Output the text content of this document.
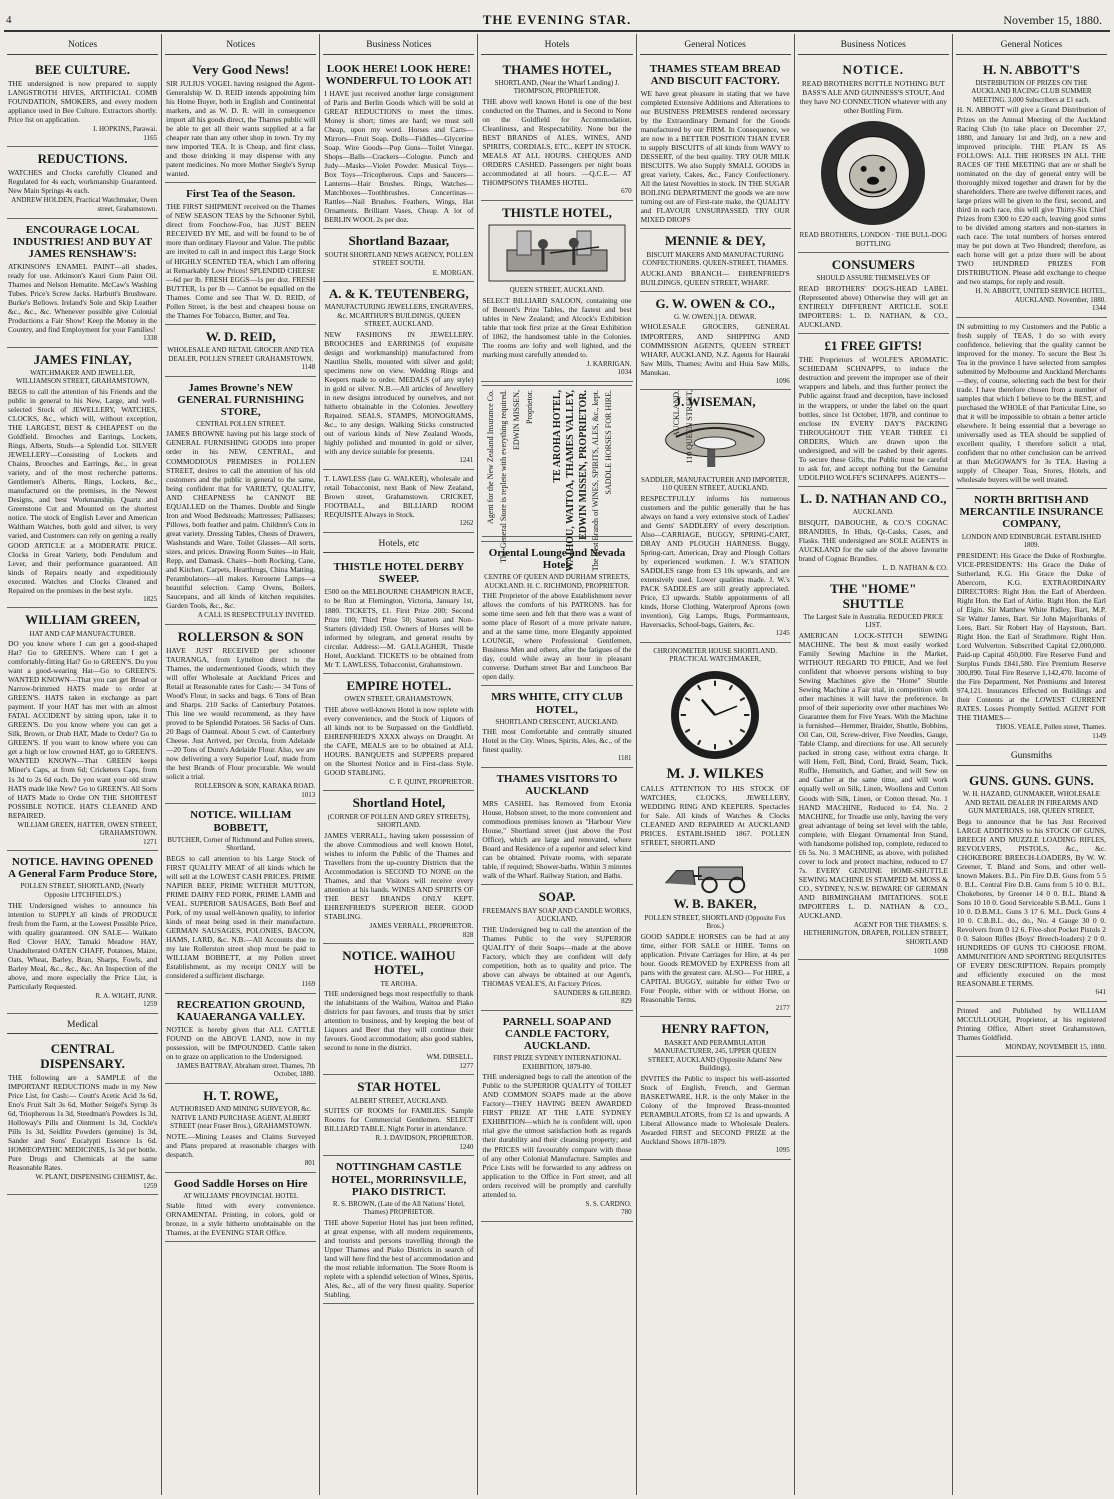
4	THE EVENING STAR.	November 15, 1880.
Notices
BEE CULTURE.
THE undersigned is now prepared to supply LANGSTROTH HIVES, ARTIFICIAL COMB FOUNDATION, SMOKERS, and every modern appliance used in Bee Culture. Extractors shortly. Price list on application.
I. HOPKINS, Parawai.
1165
REDUCTIONS.
WATCHES and Clocks carefully Cleaned and Regulated for 4s each, workmanship Guaranteed. New Main Springs 4s each.
ANDREW HOLDEN, Practical Watchmaker, Owen street, Grahamstown.
ENCOURAGE LOCAL INDUSTRIES! AND BUY AT JAMES RENSHAW'S:
ATKINSON'S ENAMEL PAINT—all shades, ready for use. Atkinson's Kauri Gum Paint Oil. Thames and Nelson Hematite. McCaw's Washing Tubes. Price's Screw Jacks. Harbutt's Brushware. Burke's Bellows. Ireland's Sole and Skip Leather &c., &c., &c. Whenever possible give Colonial Productions a Fair Show! Keep the Money in the Country, and find Employment for your Families!
1338
JAMES FINLAY,
WATCHMAKER AND JEWELLER, WILLIAMSON STREET, GRAHAMSTOWN,
BEGS to call the attention of his Friends and the public in general to his New, Large, and well-selected Stock of JEWELLERY, WATCHES, CLOCKS, &c., which will, without exception, THE LARGEST, BEST & CHEAPEST on the Goldfield. Brooches and Earrings, Lockets, Rings, Alberts, Studs—a Splendid Lot. SILVER JEWELLERY—Consisting of Lockets and Chains, Brooches and Earrings, &c., in great variety, and of the most recherche patterns. Gentlemen's Alberts, Rings, Lockets, &c., manufactured on the premises, in the Newest Designs, and best Workmanship. Quartz and Greenstone Cut and Mounted on the shortest notice. The stock of English Lever and American Waltham Watches, both gold and silver, is very varied, and Customers can rely on getting a really GOOD ARTICLE at a MODERATE PRICE. Clocks in Great Variety, both Pendulum and Lever, and their performance guaranteed. All kinds of Repairs neatly and expeditiously executed. Watches and Clocks Cleaned and Repaired on the premises in the best style.
1825
WILLIAM GREEN,
HAT AND CAP MANUFACTURER.
DO you know where I can get a good-shaped Hat? Go to GREEN'S. Where can I get a comfortably-fitting Hat? Go to GREEN'S. Do you want a good-wearing Hat—Go to GREEN'S. WANTED KNOWN—That you can get Broad or Narrow-brimmed HATS made to order at GREEN'S. HATS taken in exchange as part payment. If your HAT has met with an almost FATAL ACCIDENT by sitting upon, take it to GREEN'S. Do you know where you can get a Silk, Brown, or Drab HAT, Made to Order? Go to GREEN'S. If you want to know where you can get a high or low crowned HAT, go to GREEN'S. WANTED KNOWN—That GREEN keeps Miner's Caps, at from 6d; Cricketers Caps, from 1s 3d to 2s 6d each. Do you want your old straw HATS made like New? Go to GREEN'S. All Sorts of HATS Made to Order ON THE SHORTEST POSSIBLE NOTICE. HATS CLEANED AND REPAIRED.
WILLIAM GREEN, HATTER, OWEN STREET, GRAHAMSTOWN.
1271
NOTICE. HAVING OPENED A General Farm Produce Store,
POLLEN STREET, SHORTLAND, (Nearly Opposite LITCHFIELD'S.)
THE Undersigned wishes to announce his intention to SUPPLY all kinds of PRODUCE fresh from the Farm, at the Lowest Possible Price, with quality guaranteed. ON SALE— Waikato Red Clover HAY, Tamaki Meadow HAY, Unadulterated OATEN CHAFF, Potatoes, Maize, Oats, Wheat, Barley, Bran, Sharps, Fowls, and Barley Meal, &c., &c., &c. An Inspection of the above, and more especially the Price List, is Particularly Requested.
R. A. WIGHT, JUNR.
1259
Medical
CENTRAL DISPENSARY.
THE following are a SAMPLE of the IMPORTANT REDUCTIONS made in my New Price List, for Cash:— Coutt's Acetic Acid 3s 6d, Eno's Fruit Salt 3s 6d, Mother Seigel's Syrup 3s 6d, Triopherous 1s 3d, Steedman's Powders 1s 3d, Holloway's Pills and Ointment 1s 3d, Cockle's Pills 1s 3d, Seidlitz Powders (genuine) 1s 3d, Sander and Sons' Eucalypti Essence 1s 6d. HOMŒOPATHIC MEDICINES, 1s 3d per bottle. Pure Drugs and Chemicals at the same Reasonable Rates.
W. PLANT, DISPENSING CHEMIST, &c.
1259
Notices
Very Good News!
SIR JULIUS VOGEL having resigned the Agent-Generalship W. D. REID intends appointing him his Home Buyer, both in English and Continental markets, and as W. D. R. will in consequence import all his goods direct, the Thames public will be able to get all their wants supplied at a far cheaper rate than any other shop in town. Try my new imported TEA. It is Cheap, and first class, and those drinking it may dispense with any patent medicines. No more Mother Siegle's Syrup wanted.
First Tea of the Season.
THE FIRST SHIPMENT received on the Thames of NEW SEASON TEAS by the Schooner Sybil, direct from Foochow-Foo, has JUST BEEN RECEIVED BY ME, and will be found to be of more than ordinary Flavour and Value. The public are invited to call in and inspect this Large Stock of HIGHLY SCENTED TEA, which I am offering at Remarkably Low Prices! SPLENDID CHEESE—6d per lb. FRESH EGGS—1s per doz. FRESH BUTTER, 1s per lb — Cannot be equalled on the Thames. Come and see That W. D. REID, of Pollen Street, is the best and cheapest house on the Thames For Tobacco, Butter, and Tea.
W. D. REID,
WHOLESALE AND RETAIL GROCER AND TEA DEALER, POLLEN STREET GRAHAMSTOWN.
1148
James Browne's NEW GENERAL FURNISHING STORE,
CENTRAL POLLEN STREET.
JAMES BROWNE having put his large stock of GENERAL FURNISHING GOODS into proper order in his NEW, CENTRAL, and COMMODIOUS PREMISES in POLLEN STREET, desires to call the attention of his old customers and the public in general to the same, being confident that for VARIETY, QUALITY, AND CHEAPNESS he CANNOT BE EQUALLED on the Thames. Double and Single Iron and Wood Bedsteads; Mattresses; Palliasses; Pillows, both feather and palm. Children's Cots in great variety. Dressing Tables, Chests of Drawers, Washstands and Ware. Toilet Glasses—All sorts, sizes, and prices. Drawing Room Suites—in Hair, Repp, and Damask. Chairs—both Rocking, Cane, and Kitchen. Carpets, Hearthrugs, China Matting. Perambulators—all makes. Kerosene Lamps—a beautiful selection. Camp Ovens, Boilers, Saucepans, and all kinds of kitchen requisites. Garden Tools, &c., &c.
A CALL IS RESPECTFULLY INVITED.
ROLLERSON & SON
HAVE JUST RECEIVED per schooner TAURANGA, from Lyttelton direct to the Thames, the undermentioned Goods, which they will offer Wholesale at Auckland Prices and Retail at Reasonable rates for Cash:— 34 Tons of Wood's Flour, in sacks and bags. 6 Tons of Bran and Sharps. 210 Sacks of Canterbury Potatoes. This line we would recommend, as they have proved to be Splendid Potatoes. 56 Sacks of Oats. 20 Bags of Oatmeal. About 5 cwt. of Canterbury Cheese. Just Arrived, per Orcola, from Adelaide—20 Tons of Dunn's Adelaide Flour. Also, we are now delivering a very Superior Loaf, made from the best Brands of Flour procurable. We would solicit a trial.
ROLLERSON & SON, KARAKA ROAD.
1013
NOTICE. WILLIAM BOBBETT,
BUTCHER, Corner of Richmond and Pollen streets, Shortland,
BEGS to call attention to his Large Stock of FIRST QUALITY MEAT of all kinds which he will sell at the LOWEST CASH PRICES. PRIME NAPIER BEEF, PRIME WETHER MUTTON, PRIME DAIRY FED PORK, PRIME LAMB and VEAL. SUPERIOR SAUSAGES, Both Beef and Pork, of my usual well-known quality, to inferior kinds of meat being used in their manufacture. GERMAN SAUSAGES, POLONIES, BACON, HAMS, LARD, &c. N.B.—All Accounts due to my late Rollerston street shop must be paid to WILLIAM BOBBETT, at my Pollen street Establishment, as my receipt ONLY will be considered a sufficient discharge.
1169
RECREATION GROUND, KAUAERANGA VALLEY.
NOTICE is hereby given that ALL CATTLE FOUND on the ABOVE LAND, now in my possession, will be IMPOUNDED. Cattle taken on to graze on application to the Undersigned.
JAMES BATTRAY, Abraham street. Thames, 7th October, 1880.
H. T. ROWE,
AUTHORISED AND MINING SURVEYOR, &c. NATIVE LAND PURCHASE AGENT, ALBERT STREET (near Fraser Bros.), GRAHAMSTOWN.
NOTE.—Mining Leases and Claims Surveyed and Plans prepared at reasonable charges with despatch.
801
Good Saddle Horses on Hire
AT WILLIAMS' PROVINCIAL HOTEL
Stable fitted with every convenience. ORNAMENTAL Printing, in colors, gold or bronze, in a style hitherto unobtainable on the Thames, at the EVENING STAR Office.
Business Notices
LOOK HERE! LOOK HERE! WONDERFUL TO LOOK AT!
I HAVE just received another large consignment of Paris and Berlin Goods which will be sold at GREAT REDUCTIONS to meet the times. Money is short; times are hard; we must sell Cheap, upon my word. Horses and Carts—Mirrors—Fruit Soap. Dolls—Fiddles—Glycerine Soap. Wire Goods—Pop Guns—Toilet Vinegar. Shops—Balls—Crackers—Cologne. Punch and Judy—Masks—Violet Powder. Musical Toys—Box Toys—Tricopherous. Cups and Saucers—Lanterns—Hair Brushes. Rings, Watches—Matchboxes—Toothbrushes. Concertinas—Rattles—Nail Brushes. Feathers, Wings, Hat Ornaments. Brilliant Vases, Cheap. A lot of BERLIN WOOL 2s per doz.
Shortland Bazaar,
SOUTH SHORTLAND NEWS AGENCY, POLLEN STREET SOUTH.
E. MORGAN.
A. & K. TEUTENBERG,
MANUFACTURING JEWELLERS, ENGRAVERS, &c. MCARTHUR'S BUILDINGS, QUEEN STREET, AUCKLAND.
NEW FASHIONS IN JEWELLERY. BROOCHES and EARRINGS (of exquisite design and workmanship) manufactured from Nautilus Shells, mounted with silver and gold; specimens now on view. Wedding Rings and Keepers made to order. MEDALS (of any style) in gold or silver. N.B.—All articles of Jewellery in new designs introduced by ourselves, and not hitherto obtainable in the Colonies. Jewellery Repaired. SEALS, STAMPS, MONOGRAMS, &c., to any design. Walking Sticks constructed out of various kinds of New Zealand Woods, highly polished and mounted in gold or silver, with any device suitable for presents.
1241
T. LAWLESS (late G. WALKER), wholesale and retail Tobacconist, next Bank of New Zealand, Brown street, Grahamstown. CRICKET, FOOTBALL, and BILLIARD ROOM REQUISITE Always in Stock.
1262
Hotels, etc
THISTLE HOTEL DERBY SWEEP.
£500 on the MELBOURNE CHAMPION RACE, to be Run at Flemington, Victoria, January 1st, 1880. TICKETS, £1. First Prize 200; Second Prize 100; Third Prize 50; Starters and Non-Starters (divided) 150. Owners of Horses will be informed by telegram, and general results by circular. Address:—M. GALLAGHER, Thistle Hotel, Auckland. TICKETS to be obtained from Mr T. LAWLESS, Tobacconist, Grahamstown.
EMPIRE HOTEL.
OWEN STREET, GRAHAMSTOWN.
THE above well-known Hotel is now replete with every convenience, and the Stock of Liquors of all kinds not to be Surpassed on the Goldfield. EHRENFRIED'S XXXX always on Draught. At the CAFE, MEALS are to be obtained at ALL HOURS. BANQUETS and SUPPERS prepared on the Shortest Notice and in First-class Style. GOOD STABLING.
C. F. QUINT, PROPRIETOR.
Shortland Hotel,
(CORNER OF POLLEN AND GREY STREETS), SHORTLAND.
JAMES VERRALL, having taken possession of the above Commodious and well known Hotel, wishes to inform the Public of the Thames and Travellers from the up-country Districts that the Accommodation is SECOND TO NONE on the Thames, and that Visitors will receive every attention at his hands. WINES AND SPIRITS OF THE BEST BRANDS ONLY KEPT. EHRENFRIED'S SUPERIOR BEER. GOOD STABLING.
JAMES VERRALL, PROPRIETOR.
828
NOTICE. WAIHOU HOTEL,
TE AROHA.
THE undersigned begs most respectfully to thank the inhabitants of the Waihou, Waitoa and Piako districts for past favours, and trusts that by strict attention to business, and by keeping the best of Liquors and Beer that they will continue their favours. Good accommodation; also good stables, second to none in the district.
WM. DIBSELL.
1277
STAR HOTEL
ALBERT STREET, AUCKLAND.
SUITES OF ROOMS for FAMILIES. Sample Rooms for Commercial Gentlemen. SELECT BILLIARD TABLE. Night Porter in attendance.
R. J. DAVIDSON, PROPRIETOR.
1240
NOTTINGHAM CASTLE HOTEL, MORRINSVILLE, PIAKO DISTRICT.
R. S. BROWN, (Late of the All Nations' Hotel, Thames) PROPRIETOR.
THE above Superior Hotel has just been refitted, at great expense, with all modern requirements, and tourists and persons travelling through the Upper Thames and Piako Districts in search of land will here find the best of accommodation and the most reliable information. The Store Room is replete with a splendid selection of Wines, Spirits, Ales, &c., all of the very finest quality. Superior Stabling.
Hotels
THAMES HOTEL,
SHORTLAND, (Near the Wharf Landing) J. THOMPSON, PROPRIETOR.
THE above well known Hotel is one of the best conducted on the Thames, and is Second to None on the Goldfield for Accommodation, Cleanliness, and Respectability. None but the BEST BRANDS of ALES, WINES, AND SPIRITS, CORDIALS, ETC., KEPT IN STOCK. MEALS AT ALL HOURS. CHEQUES AND ORDERS CASHED. Passengers per night boats accommodated at all hours. —Q.C.E.— AT THOMPSON'S THAMES HOTEL.
670
THISTLE HOTEL,
QUEEN STREET, AUCKLAND.
SELECT BILLIARD SALOON, containing one of Bennett's Prize Tables, the fastest and best tables in New Zealand; and Alcock's Exhibition table that took first prize at the Great Exhibition of 1862, the handsomest table in the Colonies. The rooms are lofty and well lighted, and the marking most carefully attended to.
J. KARRIGAN.
1034
Agent for the New Zealand Insurance Co. The General Store is replete with everything required. EDWIN MISSEN, Proprietor. TE AROHA HOTEL, WAIHOU, WAITOA, THAMES VALLEY, EDWIN MISSEN, PROPRIETOR. The Best Brands of WINES, SPIRITS, ALES, &c., kept. SADDLE HORSES FOR HIRE.	AUCKLAND. 110 QUEEN STREET,
Oriental Lounge and Nevada Hotel,
CENTRE OF QUEEN AND DURHAM STREETS, AUCKLAND. H. C. RICHMOND, PROPRIETOR.
THE Proprietor of the above Establishment never allows the comforts of his PATRONS. has for some time seen and felt that there was a want of some place of Resort of a more private nature, and at the same time, more Elegantly appointed LOUNGE, where Professional Gentlemen, Business Men and others, after the fatigues of the day, could while away an hour in pleasant converse. Durham street Bar and Luncheon Bar open daily.
MRS WHITE, CITY CLUB HOTEL,
SHORTLAND CRESCENT, AUCKLAND.
THE most Comfortable and centrally situated Hotel in the City. Wines, Spirits, Ales, &c., of the finest quality.
1181
THAMES VISITORS TO AUCKLAND
MRS CASHEL has Removed from Exonia House, Hobson street, to the more convenient and commodious premises known as "Harbour View House," Shortland street (just above the Post Office), which are large and renovated, where Board and Residence of a superior and select kind can be obtained. Private rooms, with separate table, if required; Shower-baths. Within 3 minutes walk of the Wharf. Railway Station, and Baths.
SOAP.
FREEMAN'S BAY SOAP AND CANDLE WORKS, AUCKLAND.
THE Undersigned beg to call the attention of the Thames Public to the very SUPERIOR QUALITY of their Soaps—made at the above Factory, which they are confident will defy competition, both as to quality and price. The above can always be obtained at our Agent's, THOMAS VEALE'S, At Factory Prices.
SAUNDERS & GILBERD.
829
PARNELL SOAP AND CANDLE FACTORY, AUCKLAND.
FIRST PRIZE SYDNEY INTERNATIONAL EXHIBITION, 1879-80.
THE undersigned begs to call the attention of the Public to the SUPERIOR QUALITY of TOILET AND COMMON SOAPS made at the above Factory—THEY HAVING BEEN AWARDED FIRST PRIZE AT THE LATE SYDNEY EXHIBITION—which he is confident will, upon trial give the utmost satisfaction both as regards their durability and their cleansing property; and the PRICES will favourably compare with those of any other Colonial Manufacture. Samples and Price Lists will be forwarded to any address on application to the Office in Fort street, and all orders received will be promptly and carefully attended to.
S. S. CARDNO.
780
General Notices
THAMES STEAM BREAD AND BISCUIT FACTORY.
WE have great pleasure in stating that we have completed Extensive Additions and Alterations to our BUSINESS PREMISES rendered necessary by the Extraordinary Demand for the Goods manufactured by our FIRM. In Consequence, we are now in a BETTER POSITION THAN EVER to supply BISCUITS of all kinds from WAVY to DESSERT, of the best quality. TRY OUR MILK BISCUITS. We also Supply SMALL GOODS in great variety, Cakes, &c., Fancy Confectionery. All the latest Novelties in stock. IN THE SUGAR BOILING DEPARTMENT the goods we are now turning out are of First-rate make, the QUALITY and FLAVOUR UNSURPASSED. TRY OUR MIXED DROPS
MENNIE & DEY,
BISCUIT MAKERS AND MANUFACTURING CONFECTIONERS. QUEEN-STREET, THAMES.
AUCKLAND BRANCH— EHRENFRIED'S BUILDINGS, QUEEN STREET, WHARF.
G. W. OWEN & CO.,
G. W. OWEN.] [A. DEWAR.
WHOLESALE GROCERS, GENERAL IMPORTERS, AND SHIPPING AND COMMISSION AGENTS, QUEEN STREET WHARF, AUCKLAND, N.Z. Agents for Hauraki Saw Mills, Thames; Awitu and Huia Saw Mills, Manukau.
1096
J. WISEMAN,
SADDLER, MANUFACTURER AND IMPORTER, 110 QUEEN STREET, AUCKLAND.
RESPECTFULLY informs his numerous customers and the public generally that he has always on hand a very extensive stock of Ladies' and Gents' SADDLERY of every description. Also—CARRIAGE, BUGGY, SPRING-CART, DRAY AND PLOUGH HARNESS. Buggy, Spring-cart, American, Dray and Plough Collars by experienced workmen. J. W.'s STATION SADDLES range from £3 10s upwards, and are extensively used. Lower qualities made. J. W.'s PACK SADDLES are still greatly appreciated. Price, £3 upwards. Stable appointments of all kinds, Horse Clothing, Waterproof Aprons (own invention), Gig Lamps, Rugs, Portmanteaux, Haversacks, School-bags, Gaiters, &c.
1245
CHRONOMETER HOUSE SHORTLAND. PRACTICAL WATCHMAKER,
M. J. WILKES
CALLS ATTENTION TO HIS STOCK OF WATCHES, CLOCKS, JEWELLERY, WEDDING RING AND KEEPERS. Spectacles for Sale. All kinds of Watches & Clocks CLEANED AND REPAIRED At AUCKLAND PRICES. ESTABLISHED 1867. POLLEN STREET, SHORTLAND
W. B. BAKER,
POLLEN STREET, SHORTLAND (Opposite Fox Bros.)
GOOD SADDLE HORSES can be had at any time, either FOR SALE or HIRE. Terms on application. Private Carriages for Hire, at 4s per hour. Goods REMOVED by EXPRESS from all parts with the greatest care. ALSO— For HIRE, a CAPITAL BUGGY, suitable for either Two or Four People, either with or without Horse, on Reasonable Terms.
2177
HENRY RAFTON,
BASKET AND PERAMBULATOR MANUFACTURER, 245, UPPER QUEEN STREET, AUCKLAND (Opposite Adams' New Buildings),
INVITES the Public to inspect his well-assorted Stock of English, French, and German BASKETWARE, H.R. is the only Maker in the Colony of the Improved Brass-mounted PERAMBULATORS, from £2 1s and upwards. A Liberal Allowance made to Wholesale Dealers. Awarded FIRST and SECOND PRIZE at the Auckland Shows 1878-1879.
1095
Business Notices
NOTICE.
READ BROTHERS BOTTLE NOTHING BUT BASS'S ALE AND GUINNESS'S STOUT, And they have NO CONNECTION whatever with any other Bottling Firm.
READ BROTHERS, LONDON · THE BULL-DOG BOTTLING
CONSUMERS
SHOULD ASSURE THEMSELVES OF
READ BROTHERS' DOG'S-HEAD LABEL (Represented above) Otherwise they will get an ENTIRELY DIFFERENT ARTICLE. SOLE IMPORTERS: L. D. NATHAN, & CO., AUCKLAND.
£1 FREE GIFTS!
THE Proprietors of WOLFE'S AROMATIC SCHIEDAM SCHNAPPS, to induce the destruction and prevent the improper use of their wrappers and labels, and thus further protect the Public against fraud and deception, have inclosed in the wrappers, or under the label on the quart bottles, since 1st October, 1878, and continue to enclose IN EVERY DAY'S PACKING THROUGHOUT THE YEAR THREE £1 ORDERS, Which are drawn upon the undersigned, and will be cashed by their agents. To secure these Gifts, the Public must be careful to ask for, and accept nothing but the Genuine UDOLPHO WOLFE'S SCHNAPPS. AGENTS—
L. D. NATHAN AND CO.,
AUCKLAND.
BISQUIT, DABOUCHE, & CO.'S COGNAC BRANDIES, In Hhds, Qr-Casks, Cases, and Flasks. THE undersigned are SOLE AGENTS in AUCKLAND for the sale of the above favourite brand of Cognac Brandies.
L. D. NATHAN & CO.
THE "HOME" SHUTTLE
The Largest Sale in Australia. REDUCED PRICE LIST.
AMERICAN LOCK-STITCH SEWING MACHINE. The best & most easily worked Family Sewing Machine in the Market, WITHOUT REGARD TO PRICE, And we feel confident that whoever persons wishing to buy Sewing Machines give the "Home" Shuttle Sewing Machine a Fair trial, in competition with other machines it will have the preference. In proof of their superiority over other machines We Guarantee them for Five Years. With the Machine is furnished—Hemmer, Braider, Shuttle, Bobbins, Oil Can, Oil, Screw-driver, Five Needles, Gauge, Table Clamp, and directions for use. All securely packed in strong case, without extra charge. It will Hem, Fell, Bind, Cord, Braid, Seam, Tuck, Ruffle, Hemstitch, and Gather, and will Sew on and Gather at the same time, and will work equally well on Silk, Linen, Woollens and Cotton Goods with Silk, Linen, or Cotton thread. No. 1 HAND MACHINE, Reduced to £4. No. 2 MACHINE, for Treadle use only, having the very great advantage of being set level with the table, complete, with Elegant Ornamental Iron Stand, with handsome polished top, complete, reduced to £6 5s. No. 3 MACHINE, as above, with polished cover to lock and protect machine, reduced to £7 7s. EVERY GENUINE HOME-SHUTTLE SEWING MACHINE IS STAMPED M. MOSS & CO., SYDNEY, N.S.W. BEWARE OF GERMAN AND BIRMINGHAM IMITATIONS. SOLE IMPORTERS L. D. NATHAN & CO., AUCKLAND.
AGENT FOR THE THAMES: S. HETHERINGTON, DRAPER, POLLEN STREET, SHORTLAND
1098
General Notices
H. N. ABBOTT'S
DISTRIBUTION OF PRIZES ON THE AUCKLAND RACING CLUB SUMMER MEETING. 3,000 Subscribers at £1 each.
H. N. ABBOTT will give a Grand Distribution of Prizes on the Annual Meeting of the Auckland Racing Club (to take place on December 27, 1880, and January 1st and 3rd), on a new and improved principle. THE PLAN IS AS FOLLOWS: ALL THE HORSES IN ALL THE RACES OF THE MEETING that are or shall be nominated on the day of general entry will be thoroughly mixed together and drawn for by the shareholders. There are twelve different races, and large prizes will be given to the first, second, and third in each race, this will give Thirty-Six Chief Prizes from £300 to £20 each, leaving good sums to be divided among starters and non-starters in each race. The total numbers of horses entered may be put down at Two Hundred; therefore, as each horse will get a prize there will be about TWO HUNDRED PRIZES FOR DISTRIBUTION. Please add exchange to cheque and two stamps, for reply and result.
H. N. ABBOTT, UNITED SERVICE HOTEL, AUCKLAND. November, 1880.
1344
IN submitting to my Customers and the Public a fresh supply of TEAS, I do so with every confidence, believing that the quality cannot be improved for the money. To secure the Best 3s Tea in the province I have selected from samples submitted by Melbourne and Auckland Merchants—they, of course, selecting each the best for their trade. I have therefore chosen from a number of samples that which I believe to be the BEST, and purchased the WHOLE of that Particular Line, so that it will be impossible to obtain a better article elsewhere. It being essential that a beverage so universally used as TEA should be supplied of excellent quality, I therefore solicit a trial, confident that no other conclusion can be arrived at than McGOWAN'S for 3s TEA. Having a supply of Cheaper Teas, Stores, Hotels, and wholesale buyers will be well treated.
NORTH BRITISH AND MERCANTILE INSURANCE COMPANY,
LONDON AND EDINBURGH. ESTABLISHED 1809.
PRESIDENT: His Grace the Duke of Roxburghe. VICE-PRESIDENTS: His Grace the Duke of Sutherland, K.G. His Grace the Duke of Abercorn, K.G. EXTRAORDINARY DIRECTORS: Right Hon. the Earl of Aberdeen. Right Hon. the Earl of Airlie. Right Hon. the Earl of Elgin. Sir Matthew White Ridley, Bart, M.P. Sir Walter James, Bart. Sir John Majoribanks of Lees, Bart. Sir Robert Hay of Haystoun, Bart. Right Hon. the Earl of Strathmore. Right Hon. Lord Wolverton. Subscribed Capital £2,000,000. Paid-up Capital 450,000. Fire Reserve Fund and Surplus Funds £841,580. Fire Premium Reserve 300,890. Total Fire Reserve 1,142,470. Income of the Fire Department, Net Premiums and Interest 974,121. Insurances Effected on Buildings and their Contents at the LOWEST CURRENT RATES. Losses Promptly Settled. AGENT FOR THE THAMES—
THOS. VEALE, Pollen street, Thames.
1149
Gunsmiths
GUNS. GUNS. GUNS.
W. H. HAZARD, GUNMAKER, WHOLESALE AND RETAIL DEALER IN FIREARMS AND GUN MATERIALS, 168, QUEEN STREET,
Begs to announce that he has Just Received LARGE ADDITIONS to his STOCK OF GUNS, BREECH AND MUZZLE LOADING RIFLES, REVOLVERS, PISTOLS, &c., &c. CHOKEBORE BREECH-LOADERS, By W. W. Greener, T. Bland and Sons, and other well-known Makers. B.L. Pin Fire D.B. Guns from 5 5 0. B.L. Central Fire D.B. Guns from 5 10 0. B.L. Chokebores, by Greener 14 0 0. B.L. Bland & Sons 10 10 0. Good Serviceable S.B.M.L. Guns 1 10 0. D.B.M.L. Guns 3 17 6. M.L. Duck Guns 4 10 0. C.B.B.L. do., do., No. 4 Gauge 30 0 0. Revolvers from 0 12 6. Five-shot Pocket Pistols 2 0 0. Saloon Rifles (Boys' Breech-loaders) 2 0 0. HUNDREDS OF GUNS TO CHOOSE FROM. AMMUNITION AND SPORTING REQUISITES OF EVERY DESCRIPTION. Repairs promptly and efficiently executed on the most REASONABLE TERMS.
641
Printed and Published by WILLIAM MCCULLOUGH, Proprietor, at his registered Printing Office, Albert street Grahamstown, Thames Goldfield.
MONDAY, NOVEMBER 15, 1880.
